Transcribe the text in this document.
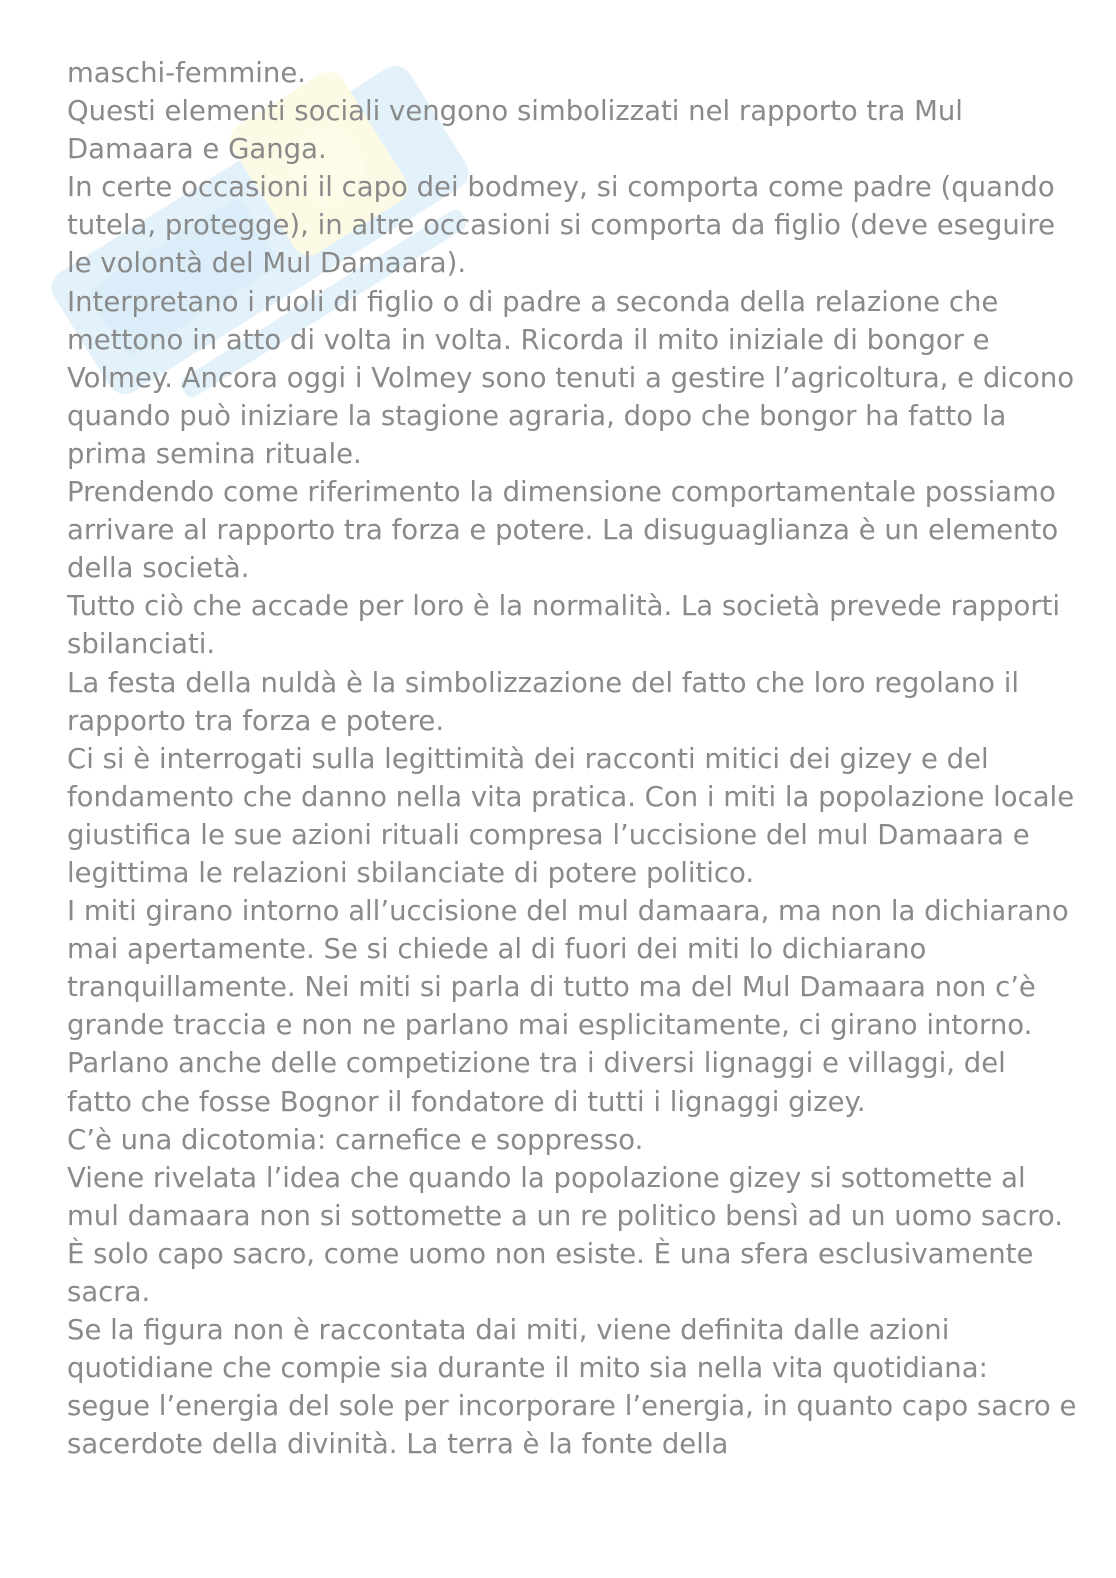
maschi-femmine.

Questi elementi sociali vengono simbolizzati nel rapporto tra Mul Damaara e Ganga.

In certe occasioni il capo dei bodmey, si comporta come padre (quando tutela, protegge), in altre occasioni si comporta da figlio (deve eseguire le volontà del Mul Damaara).

Interpretano i ruoli di figlio o di padre a seconda della relazione che mettono in atto di volta in volta. Ricorda il mito iniziale di bongor e Volmey. Ancora oggi i Volmey sono tenuti a gestire l’agricoltura, e dicono quando può iniziare la stagione agraria, dopo che bongor ha fatto la prima semina rituale.

Prendendo come riferimento la dimensione comportamentale possiamo arrivare al rapporto tra forza e potere. La disuguaglianza è un elemento della società.

Tutto ciò che accade per loro è la normalità. La società prevede rapporti sbilanciati.

La festa della nuldà è la simbolizzazione del fatto che loro regolano il rapporto tra forza e potere.

Ci si è interrogati sulla legittimità dei racconti mitici dei gizey e del fondamento che danno nella vita pratica. Con i miti la popolazione locale giustifica le sue azioni rituali compresa l’uccisione del mul Damaara e legittima le relazioni sbilanciate di potere politico.

I miti girano intorno all’uccisione del mul damaara, ma non la dichiarano mai apertamente. Se si chiede al di fuori dei miti lo dichiarano tranquillamente. Nei miti si parla di tutto ma del Mul Damaara non c’è grande traccia e non ne parlano mai esplicitamente, ci girano intorno.

Parlano anche delle competizione tra i diversi lignaggi e villaggi, del fatto che fosse Bognor il fondatore di tutti i lignaggi gizey.

C’è una dicotomia: carnefice e soppresso.

Viene rivelata l’idea che quando la popolazione gizey si sottomette al mul damaara non si sottomette a un re politico bensì ad un uomo sacro. È solo capo sacro, come uomo non esiste. È una sfera esclusivamente sacra.

Se la figura non è raccontata dai miti, viene definita dalle azioni quotidiane che compie sia durante il mito sia nella vita quotidiana: segue l’energia del sole per incorporare l’energia, in quanto capo sacro e sacerdote della divinità. La terra è la fonte della
